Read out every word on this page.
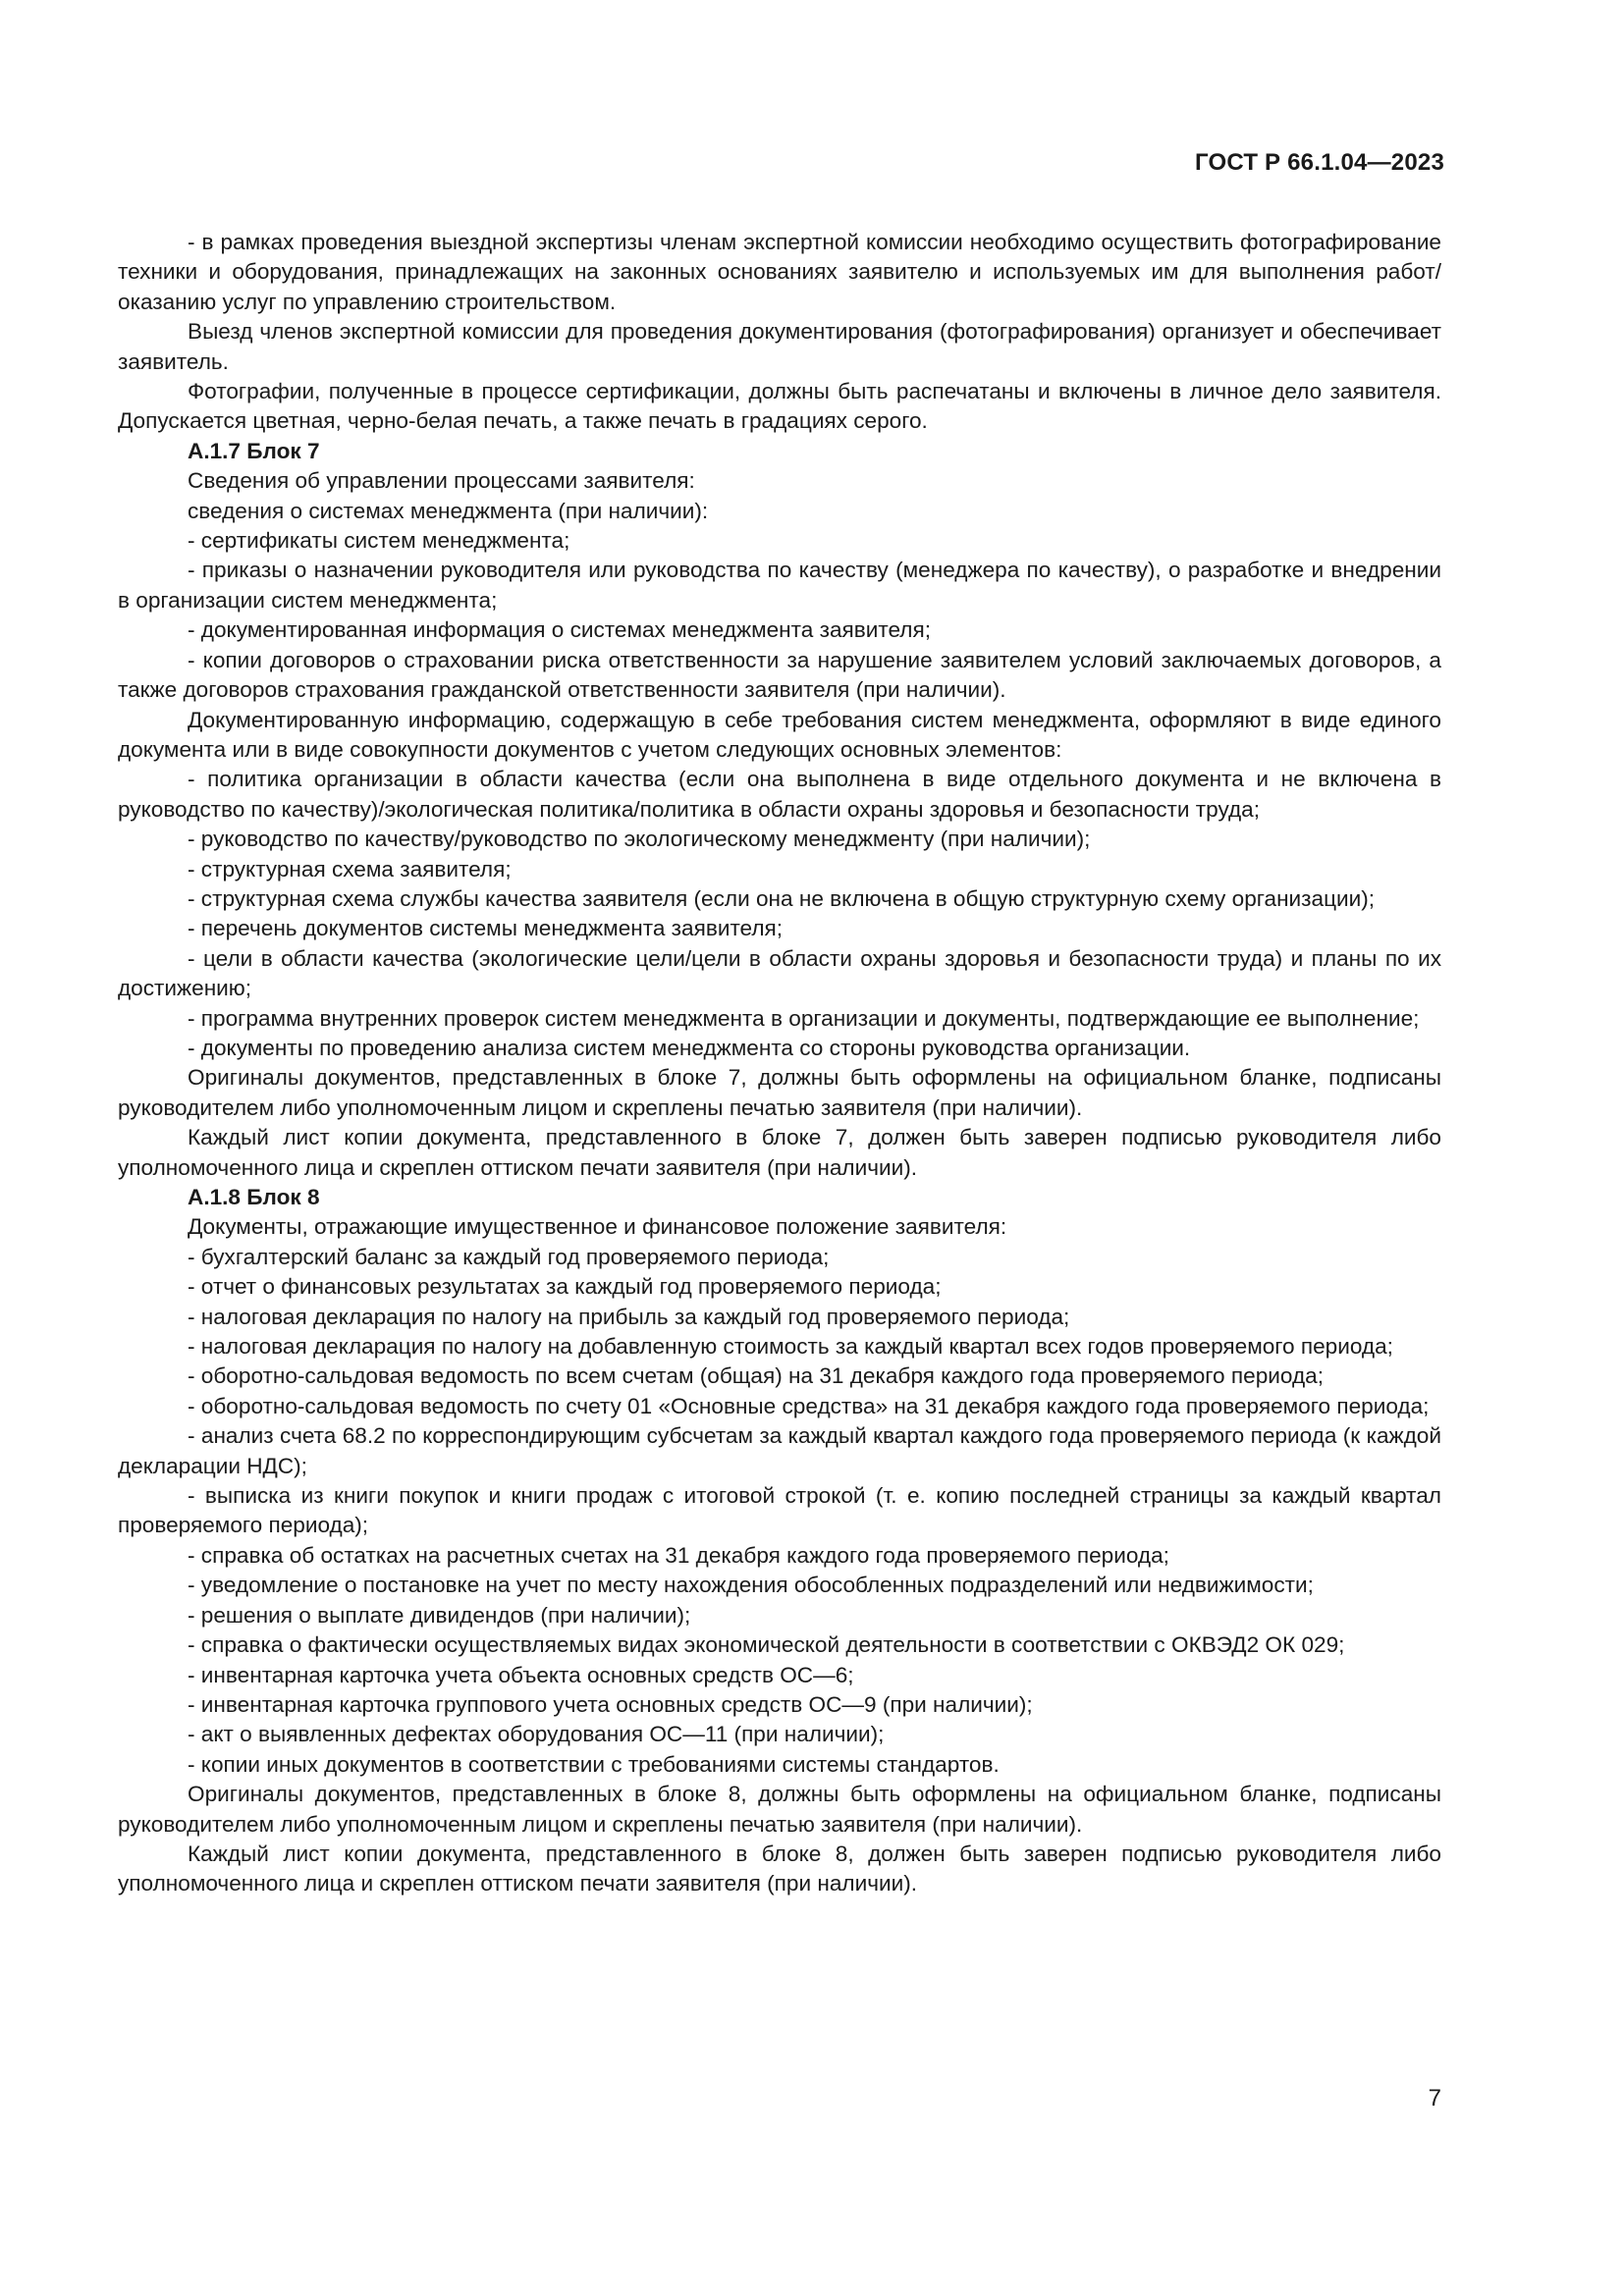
ГОСТ Р 66.1.04—2023

- в рамках проведения выездной экспертизы членам экспертной комиссии необходимо осуществить фотографирование техники и оборудования, принадлежащих на законных основаниях заявителю и используемых им для выполнения работ/оказанию услуг по управлению строительством.

Выезд членов экспертной комиссии для проведения документирования (фотографирования) организует и обеспечивает заявитель.

Фотографии, полученные в процессе сертификации, должны быть распечатаны и включены в личное дело заявителя. Допускается цветная, черно-белая печать, а также печать в градациях серого.

А.1.7 Блок 7

Сведения об управлении процессами заявителя:

сведения о системах менеджмента (при наличии):

- сертификаты систем менеджмента;

- приказы о назначении руководителя или руководства по качеству (менеджера по качеству), о разработке и внедрении в организации систем менеджмента;

- документированная информация о системах менеджмента заявителя;

- копии договоров о страховании риска ответственности за нарушение заявителем условий заключаемых договоров, а также договоров страхования гражданской ответственности заявителя (при наличии).

Документированную информацию, содержащую в себе требования систем менеджмента, оформляют в виде единого документа или в виде совокупности документов с учетом следующих основных элементов:

- политика организации в области качества (если она выполнена в виде отдельного документа и не включена в руководство по качеству)/экологическая политика/политика в области охраны здоровья и безопасности труда;

- руководство по качеству/руководство по экологическому менеджменту (при наличии);

- структурная схема заявителя;

- структурная схема службы качества заявителя (если она не включена в общую структурную схему организации);

- перечень документов системы менеджмента заявителя;

- цели в области качества (экологические цели/цели в области охраны здоровья и безопасности труда) и планы по их достижению;

- программа внутренних проверок систем менеджмента в организации и документы, подтверждающие ее выполнение;

- документы по проведению анализа систем менеджмента со стороны руководства организации.

Оригиналы документов, представленных в блоке 7, должны быть оформлены на официальном бланке, подписаны руководителем либо уполномоченным лицом и скреплены печатью заявителя (при наличии).

Каждый лист копии документа, представленного в блоке 7, должен быть заверен подписью руководителя либо уполномоченного лица и скреплен оттиском печати заявителя (при наличии).

А.1.8 Блок 8

Документы, отражающие имущественное и финансовое положение заявителя:

- бухгалтерский баланс за каждый год проверяемого периода;

- отчет о финансовых результатах за каждый год проверяемого периода;

- налоговая декларация по налогу на прибыль за каждый год проверяемого периода;

- налоговая декларация по налогу на добавленную стоимость за каждый квартал всех годов проверяемого периода;

- оборотно-сальдовая ведомость по всем счетам (общая) на 31 декабря каждого года проверяемого периода;

- оборотно-сальдовая ведомость по счету 01 «Основные средства» на 31 декабря каждого года проверяемого периода;

- анализ счета 68.2 по корреспондирующим субсчетам за каждый квартал каждого года проверяемого периода (к каждой декларации НДС);

- выписка из книги покупок и книги продаж с итоговой строкой (т. е. копию последней страницы за каждый квартал проверяемого периода);

- справка об остатках на расчетных счетах на 31 декабря каждого года проверяемого периода;

- уведомление о постановке на учет по месту нахождения обособленных подразделений или недвижимости;

- решения о выплате дивидендов (при наличии);

- справка о фактически осуществляемых видах экономической деятельности в соответствии с ОКВЭД2 ОК 029;

- инвентарная карточка учета объекта основных средств ОС—6;

- инвентарная карточка группового учета основных средств ОС—9 (при наличии);

- акт о выявленных дефектах оборудования ОС—11 (при наличии);

- копии иных документов в соответствии с требованиями системы стандартов.

Оригиналы документов, представленных в блоке 8, должны быть оформлены на официальном бланке, подписаны руководителем либо уполномоченным лицом и скреплены печатью заявителя (при наличии).

Каждый лист копии документа, представленного в блоке 8, должен быть заверен подписью руководителя либо уполномоченного лица и скреплен оттиском печати заявителя (при наличии).

7
